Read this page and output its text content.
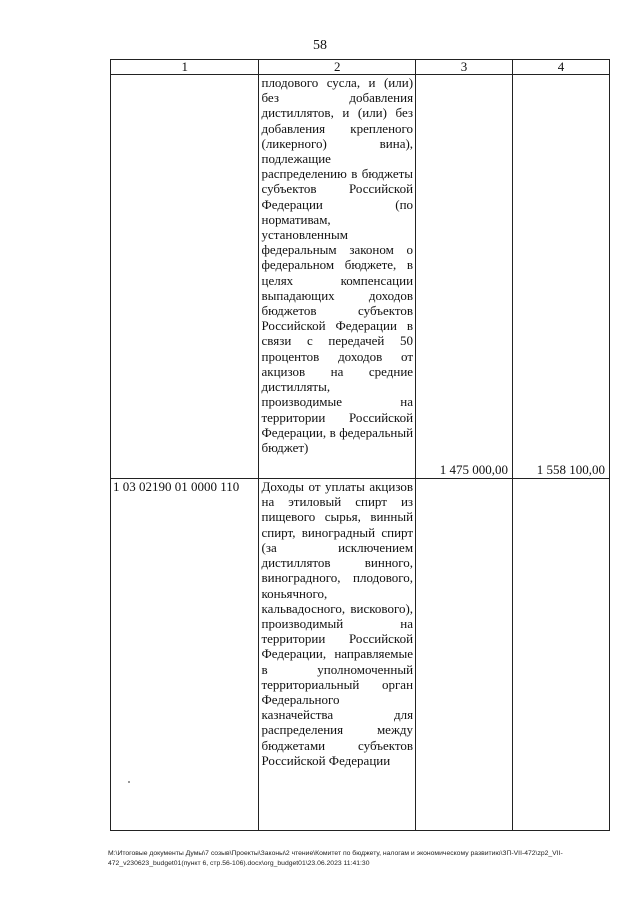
58
1	2	3	4
	плодового сусла, и (или) без добавления дистиллятов, и (или) без добавления крепленого (ликерного) вина), подлежащие распределению в бюджеты субъектов Российской Федерации (по нормативам, установленным федеральным законом о федеральном бюджете, в целях компенсации выпадающих доходов бюджетов субъектов Российской Федерации в связи с передачей 50 процентов доходов от акцизов на средние дистилляты, производимые на территории Российской Федерации, в федеральный бюджет)	1 475 000,00	1 558 100,00

1 03 02190 01 0000 110	Доходы от уплаты акцизов на этиловый спирт из пищевого сырья, винный спирт, виноградный спирт (за исключением дистиллятов винного, виноградного, плодового, коньячного, кальвадосного, вискового), производимый на территории Российской Федерации, направляемые в уполномоченный территориальный орган Федерального казначейства для распределения между бюджетами субъектов Российской Федерации	

M:\Итоговые документы Думы\7 созыв\Проекты\Законы\2 чтение\Комитет по бюджету, налогам и экономическому развитию\ЗП-VII-472\zp2_VII-
472_v230623_budget01(пункт 6, стр.56-106).docx\org_budget01\23.06.2023 11:41:30
